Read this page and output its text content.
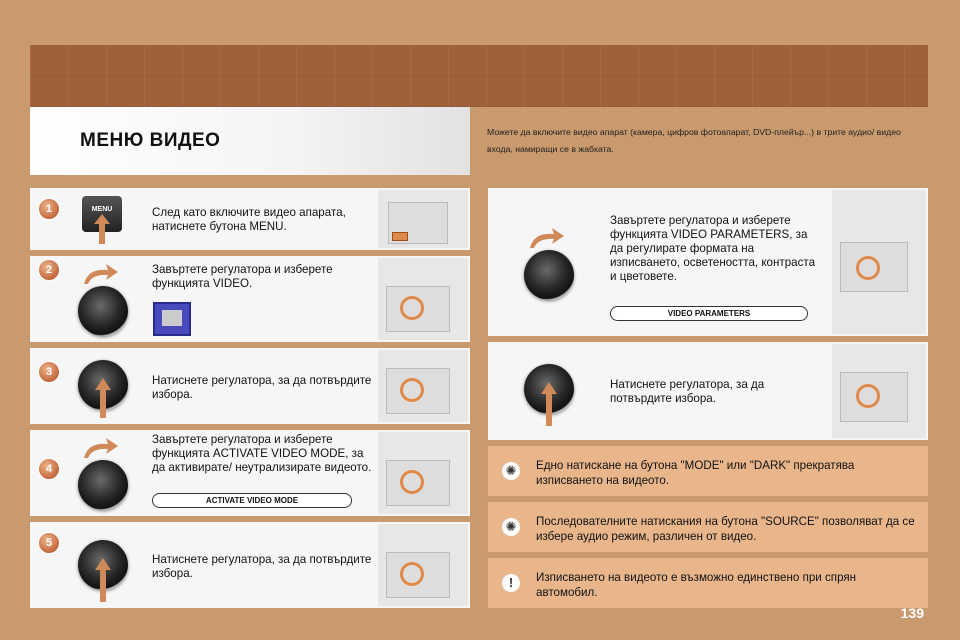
МЕНЮ ВИДЕО	Можете да включите видео апарат (камера, цифров фотоапарат, DVD-плейър...) в трите аудио/ видео входа, намиращи се в жабката.
1	MENU	След като включите видео апарата, натиснете бутона MENU.
2	Завъртете регулатора и изберете функцията VIDEO.
3
Натиснете регулатора, за да потвърдите избора.
4
Завъртете регулатора и изберете функцията ACTIVATE VIDEO MODE, за да активирате/ неутрализирате видеото.
ACTIVATE VIDEO MODE
5
Натиснете регулатора, за да потвърдите избора.
Завъртете регулатора и изберете функцията VIDEO PARAMETERS, за да регулирате формата на изписването, осветеността, контраста и цветовете.
VIDEO PARAMETERS
Натиснете регулатора, за да потвърдите избора.
✺	Едно натискане на бутона "MODE" или "DARK" прекратява изписването на видеото.
✺	Последователните натискания на бутона "SOURCE" позволяват да се избере аудио режим, различен от видео.
!	Изписването на видеото е възможно единствено при спрян автомобил.
139
